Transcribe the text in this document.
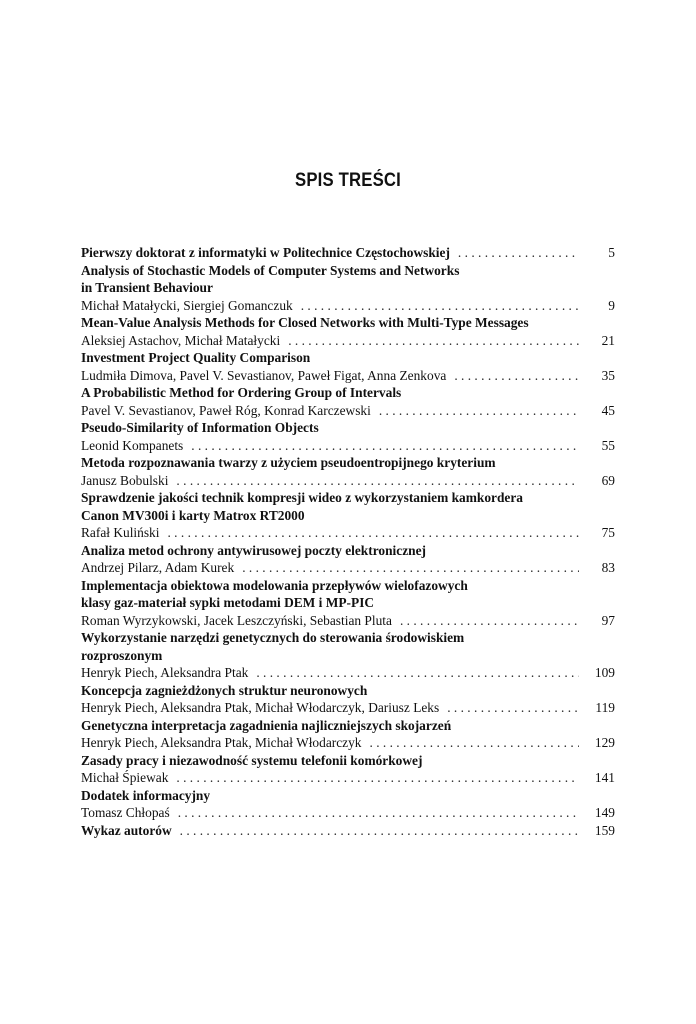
SPIS TREŚCI
Pierwszy doktorat z informatyki w Politechnice Częstochowskiej . . .	5
Analysis of Stochastic Models of Computer Systems and Networks
in Transient Behaviour
Michał Matałycki, Siergiej Gomanczuk . . .	9
Mean-Value Analysis Methods for Closed Networks with Multi-Type Messages
Aleksiej Astachov, Michał Matałycki . . .	21
Investment Project Quality Comparison
Ludmiła Dimova, Pavel V. Sevastianov, Paweł Figat, Anna Zenkova . . .	35
A Probabilistic Method for Ordering Group of Intervals
Pavel V. Sevastianov, Paweł Róg, Konrad Karczewski . . .	45
Pseudo-Similarity of Information Objects
Leonid Kompanets . . .	55
Metoda rozpoznawania twarzy z użyciem pseudoentropijnego kryterium
Janusz Bobulski . . .	69
Sprawdzenie jakości technik kompresji wideo z wykorzystaniem kamkordera
Canon MV300i i karty Matrox RT2000
Rafał Kuliński . . .	75
Analiza metod ochrony antywirusowej poczty elektronicznej
Andrzej Pilarz, Adam Kurek . . .	83
Implementacja obiektowa modelowania przepływów wielofazowych
klasy gaz-materiał sypki metodami DEM i MP-PIC
Roman Wyrzykowski, Jacek Leszczyński, Sebastian Pluta . . .	97
Wykorzystanie narzędzi genetycznych do sterowania środowiskiem
rozproszonym
Henryk Piech, Aleksandra Ptak . . .	109
Koncepcja zagnieżdżonych struktur neuronowych
Henryk Piech, Aleksandra Ptak, Michał Włodarczyk, Dariusz Leks . . .	119
Genetyczna interpretacja zagadnienia najliczniejszych skojarzeń
Henryk Piech, Aleksandra Ptak, Michał Włodarczyk . . .	129
Zasady pracy i niezawodność systemu telefonii komórkowej
Michał Śpiewak . . .	141
Dodatek informacyjny
Tomasz Chłopaś . . .	149
Wykaz autorów . . .	159
